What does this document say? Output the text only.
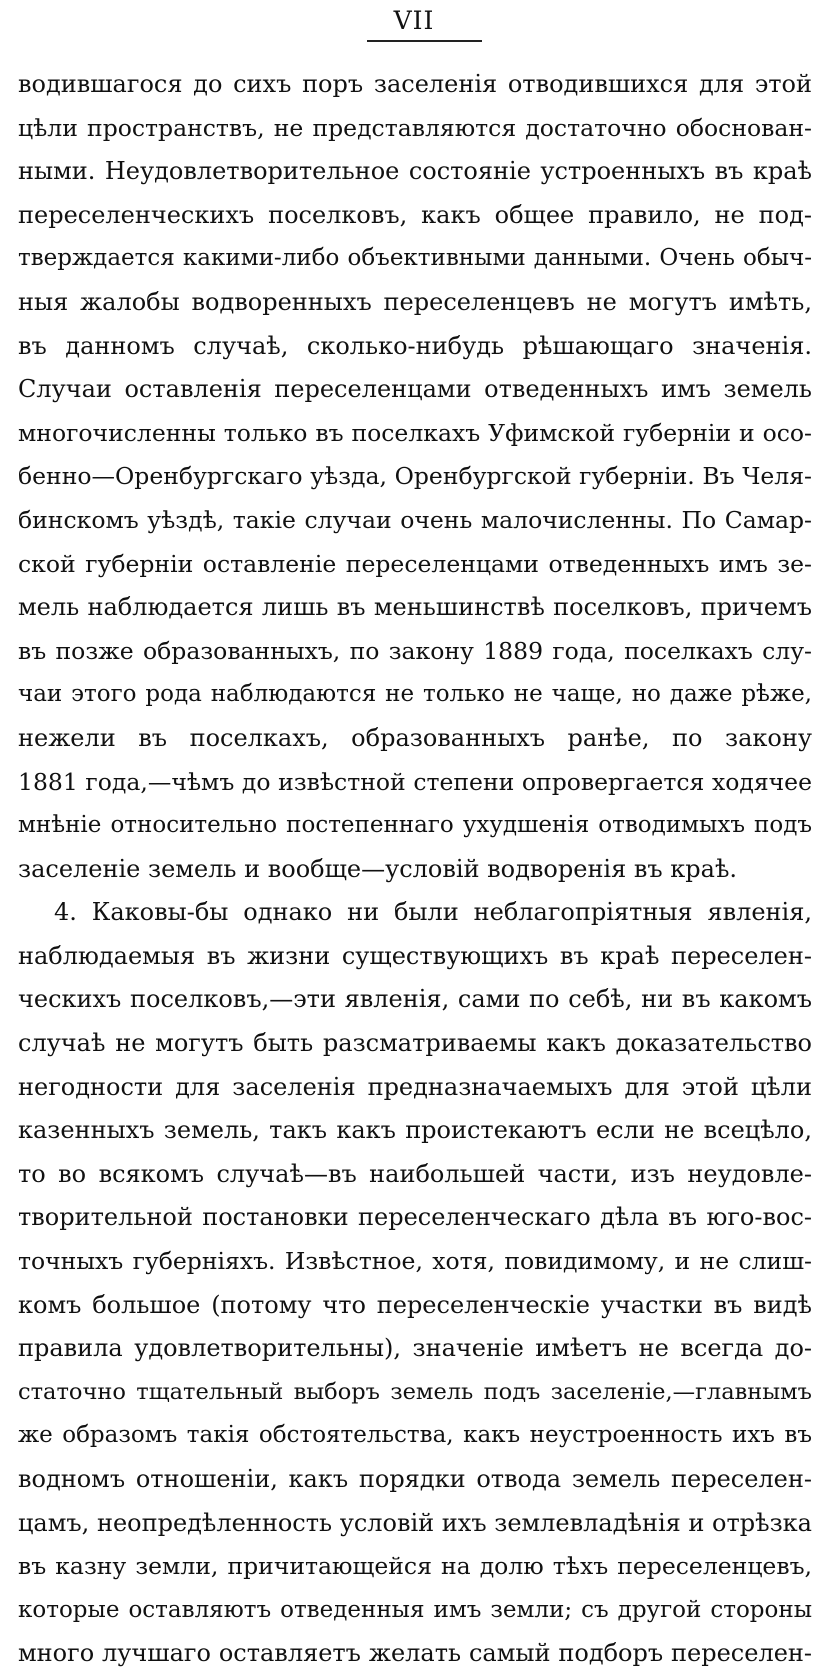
VII
водившагося до сихъ поръ заселенія отводившихся для этой
цѣли пространствъ, не представляются достаточно обоснован-
ными. Неудовлетворительное состояніе устроенныхъ въ краѣ
переселенческихъ поселковъ, какъ общее правило, не под-
тверждается какими-либо объективными данными. Очень обыч-
ныя жалобы водворенныхъ переселенцевъ не могутъ имѣть,
въ данномъ случаѣ, сколько-нибудь рѣшающаго значенія.
Случаи оставленія переселенцами отведенныхъ имъ земель
многочисленны только въ поселкахъ Уфимской губерніи и осо-
бенно—Оренбургскаго уѣзда, Оренбургской губерніи. Въ Челя-
бинскомъ уѣздѣ, такіе случаи очень малочисленны. По Самар-
ской губерніи оставленіе переселенцами отведенныхъ имъ зе-
мель наблюдается лишь въ меньшинствѣ поселковъ, причемъ
въ позже образованныхъ, по закону 1889 года, поселкахъ слу-
чаи этого рода наблюдаются не только не чаще, но даже рѣже,
нежели въ поселкахъ, образованныхъ ранѣе, по закону
1881 года,—чѣмъ до извѣстной степени опровергается ходячее
мнѣніе относительно постепеннаго ухудшенія отводимыхъ подъ
заселеніе земель и вообще—условій водворенія въ краѣ.
4. Каковы-бы однако ни были неблагопріятныя явленія,
наблюдаемыя въ жизни существующихъ въ краѣ переселен-
ческихъ поселковъ,—эти явленія, сами по себѣ, ни въ какомъ
случаѣ не могутъ быть разсматриваемы какъ доказательство
негодности для заселенія предназначаемыхъ для этой цѣли
казенныхъ земель, такъ какъ проистекаютъ если не всецѣло,
то во всякомъ случаѣ—въ наибольшей части, изъ неудовле-
творительной постановки переселенческаго дѣла въ юго-вос-
точныхъ губерніяхъ. Извѣстное, хотя, повидимому, и не слиш-
комъ большое (потому что переселенческіе участки въ видѣ
правила удовлетворительны), значеніе имѣетъ не всегда до-
статочно тщательный выборъ земель подъ заселеніе,—главнымъ
же образомъ такія обстоятельства, какъ неустроенность ихъ въ
водномъ отношеніи, какъ порядки отвода земель переселен-
цамъ, неопредѣленность условій ихъ землевладѣнія и отрѣзка
въ казну земли, причитающейся на долю тѣхъ переселенцевъ,
которые оставляютъ отведенныя имъ земли; съ другой стороны
много лучшаго оставляетъ желать самый подборъ переселен-
